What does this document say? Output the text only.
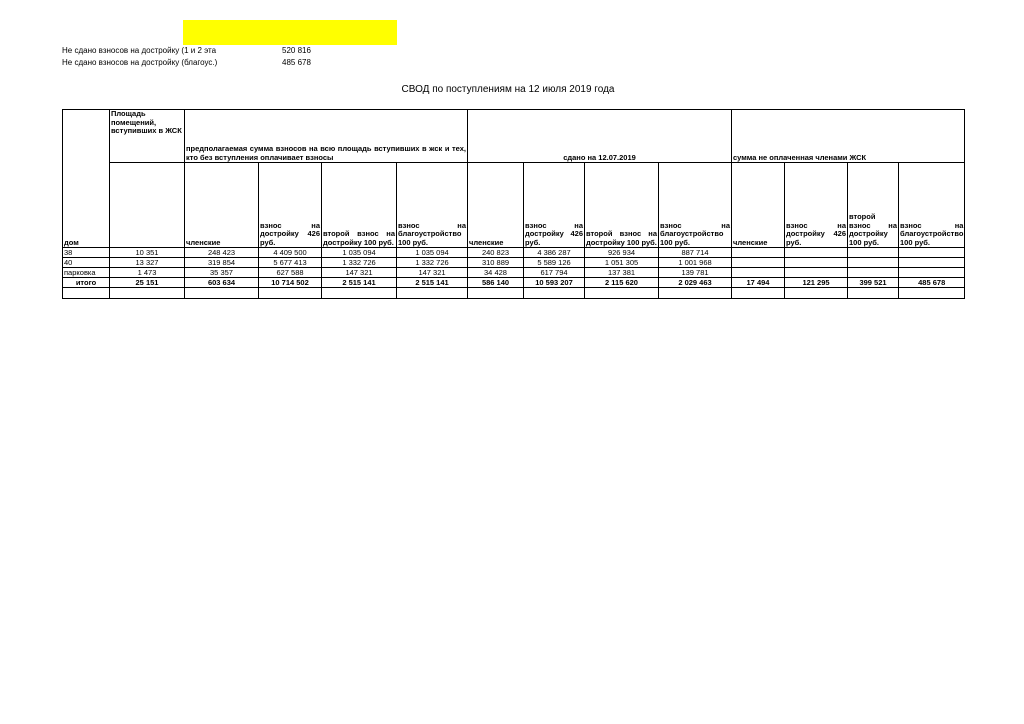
Не сдано взносов на достройку (1 и 2 эта	520 816
Не сдано взносов на достройку (благоус.)	485 678
СВОД по поступлениям на 12 июля 2019 года
дом	Площадь помещений, вступивших в ЖСК	предполагаемая сумма взносов на всю площадь вступивших в жск и тех, кто без вступления оплачивает взносы				сдано на 12.07.2019				сумма не оплаченная членами ЖСК			
		членские	взнос на достройку 426 руб.	второй взнос на достройку 100 руб.	взнос на благоустройство 100 руб.	членские	взнос на достройку 426 руб.	второй взнос на достройку 100 руб.	взнос на благоустройство 100 руб.	членские	взнос на достройку 426 руб.	второй взнос на достройку 100 руб.	взнос на благоустройство 100 руб.
38	10 351	248 423	4 409 500	1 035 094	1 035 094	240 823	4 386 287	926 934	887 714				
40	13 327	319 854	5 677 413	1 332 726	1 332 726	310 889	5 589 126	1 051 305	1 001 968				
парковка	1 473	35 357	627 588	147 321	147 321	34 428	617 794	137 381	139 781				
итого	25 151	603 634	10 714 502	2 515 141	2 515 141	586 140	10 593 207	2 115 620	2 029 463	17 494	121 295	399 521	485 678
